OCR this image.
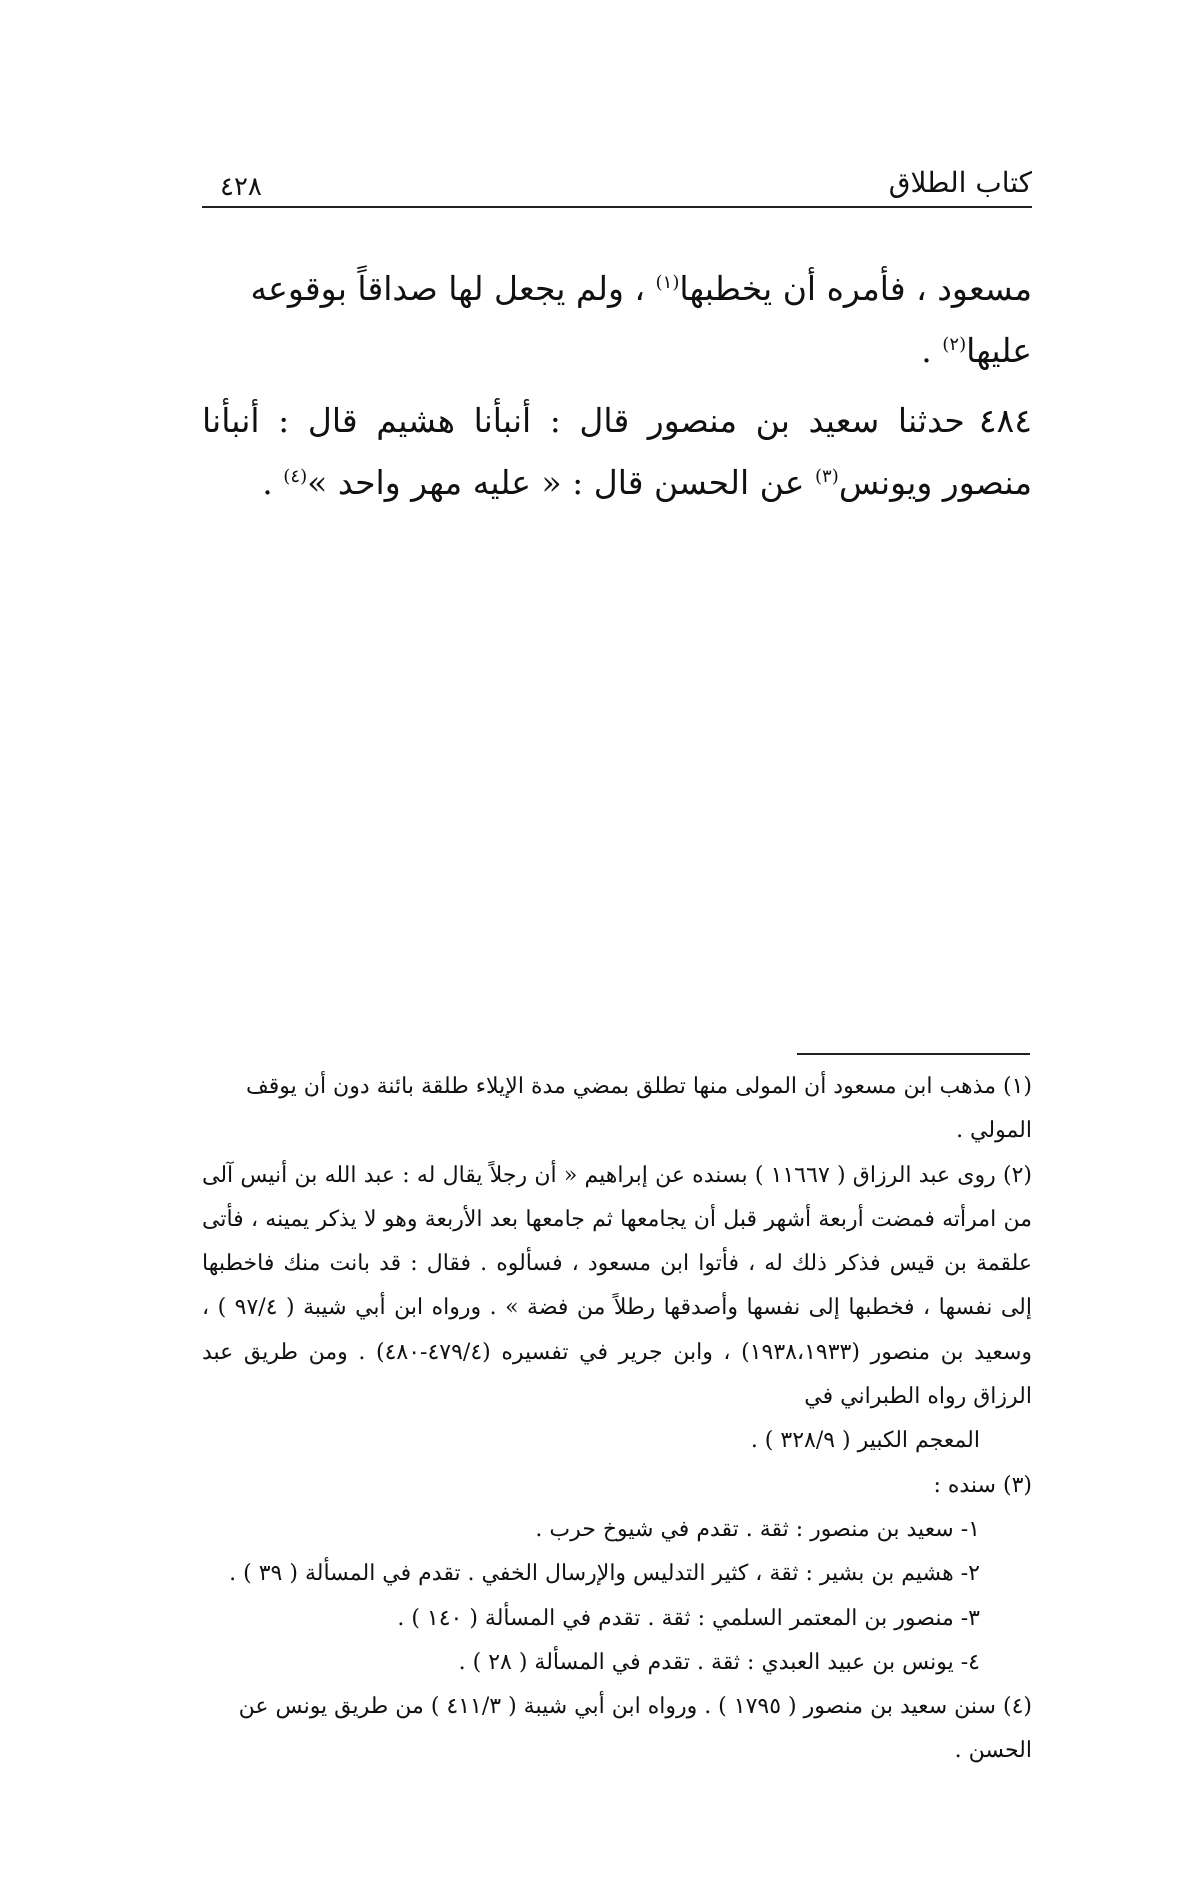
٤٢٨	كتاب الطلاق

مسعود ، فأمره أن يخطبها$^{(١)}$ ، ولم يجعل لها صداقاً بوقوعه عليها$^{(٢)}$ .

٤٨٤حدثنا سعيد بن منصور قال : أنبأنا هشيم قال : أنبأنا منصور ويونس$^{(٣)}$ عن الحسن قال : « عليه مهر واحد »$^{(٤)}$ .

(١) مذهب ابن مسعود أن المولى منها تطلق بمضي مدة الإيلاء طلقة بائنة دون أن يوقف المولي .

(٢) روى عبد الرزاق ( ١١٦٦٧ ) بسنده عن إبراهيم « أن رجلاً يقال له : عبد الله بن أنيس آلى من امرأته فمضت أربعة أشهر قبل أن يجامعها ثم جامعها بعد الأربعة وهو لا يذكر يمينه ، فأتى علقمة بن قيس فذكر ذلك له ، فأتوا ابن مسعود ، فسألوه . فقال : قد بانت منك فاخطبها إلى نفسها ، فخطبها إلى نفسها وأصدقها رطلاً من فضة » . ورواه ابن أبي شيبة ( ٩٧/٤ ) ، وسعيد بن منصور (١٩٣٨،١٩٣٣) ، وابن جرير في تفسيره (٤٧٩/٤-٤٨٠) . ومن طريق عبد الرزاق رواه الطبراني في

المعجم الكبير ( ٣٢٨/٩ ) .

(٣) سنده :

١- سعيد بن منصور : ثقة . تقدم في شيوخ حرب .

٢- هشيم بن بشير : ثقة ، كثير التدليس والإرسال الخفي . تقدم في المسألة ( ٣٩ ) .

٣- منصور بن المعتمر السلمي : ثقة . تقدم في المسألة ( ١٤٠ ) .

٤- يونس بن عبيد العبدي : ثقة . تقدم في المسألة ( ٢٨ ) .

(٤) سنن سعيد بن منصور ( ١٧٩٥ ) . ورواه ابن أبي شيبة ( ٤١١/٣ ) من طريق يونس عن الحسن .
